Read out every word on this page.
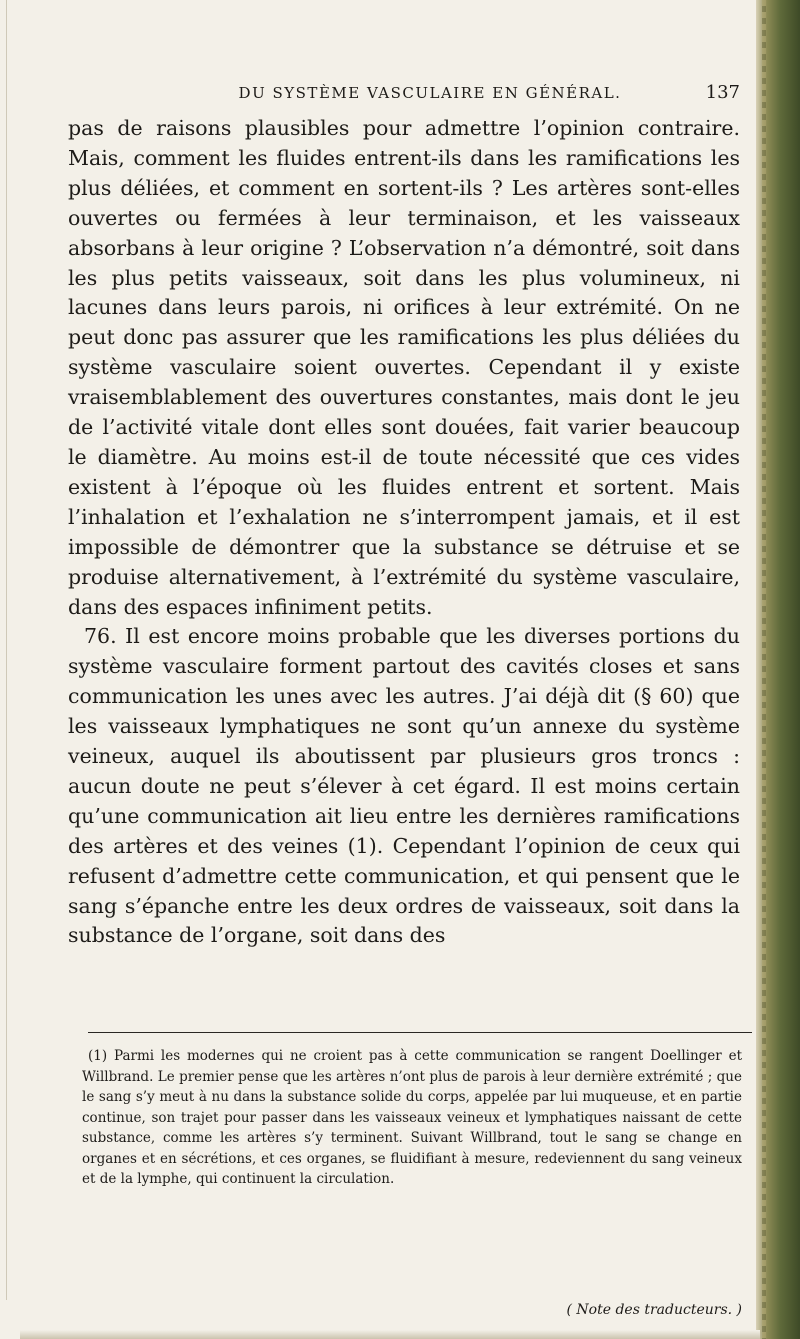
DU SYSTÈME VASCULAIRE EN GÉNÉRAL.	137

pas de raisons plausibles pour admettre l’opinion contraire. Mais, comment les fluides entrent-ils dans les ramifications les plus déliées, et comment en sortent-ils ? Les artères sont-elles ouvertes ou fermées à leur terminaison, et les vaisseaux absorbans à leur origine ? L’observation n’a démontré, soit dans les plus petits vaisseaux, soit dans les plus volumineux, ni lacunes dans leurs parois, ni orifices à leur extrémité. On ne peut donc pas assurer que les ramifications les plus déliées du système vasculaire soient ouvertes. Cependant il y existe vraisemblablement des ouvertures constantes, mais dont le jeu de l’activité vitale dont elles sont douées, fait varier beaucoup le diamètre. Au moins est-il de toute nécessité que ces vides existent à l’époque où les fluides entrent et sortent. Mais l’inhalation et l’exhalation ne s’interrompent jamais, et il est impossible de démontrer que la substance se détruise et se produise alternativement, à l’extrémité du système vasculaire, dans des espaces infiniment petits.

76. Il est encore moins probable que les diverses portions du système vasculaire forment partout des cavités closes et sans communication les unes avec les autres. J’ai déjà dit (§ 60) que les vaisseaux lymphatiques ne sont qu’un annexe du système veineux, auquel ils aboutissent par plusieurs gros troncs : aucun doute ne peut s’élever à cet égard. Il est moins certain qu’une communication ait lieu entre les dernières ramifications des artères et des veines (1). Cependant l’opinion de ceux qui refusent d’admettre cette communication, et qui pensent que le sang s’épanche entre les deux ordres de vaisseaux, soit dans la substance de l’organe, soit dans des

(1) Parmi les modernes qui ne croient pas à cette communication se rangent Doellinger et Willbrand. Le premier pense que les artères n’ont plus de parois à leur dernière extrémité ; que le sang s’y meut à nu dans la substance solide du corps, appelée par lui muqueuse, et en partie continue, son trajet pour passer dans les vaisseaux veineux et lymphatiques naissant de cette substance, comme les artères s’y terminent. Suivant Willbrand, tout le sang se change en organes et en sécrétions, et ces organes, se fluidifiant à mesure, redeviennent du sang veineux et de la lymphe, qui continuent la circulation.

( Note des traducteurs. )
